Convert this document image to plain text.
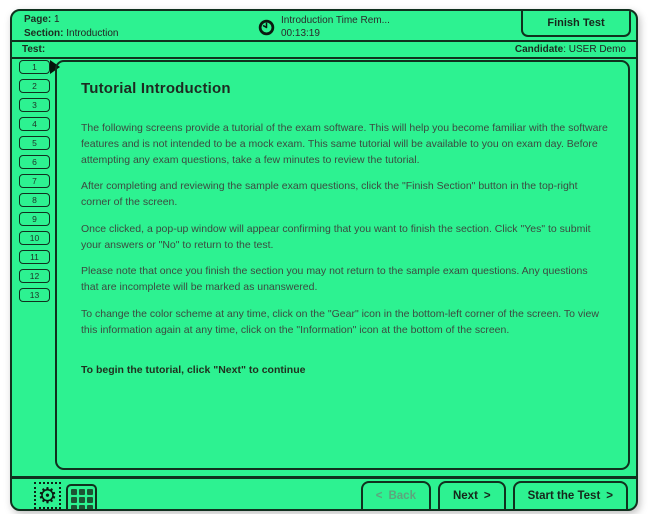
Page: 1
Section: Introduction
Introduction Time Rem...
00:13:19
Finish Test
Test:	Candidate: USER Demo
1
2
3
4
5
6
7
8
9
10
11
12
13
Tutorial Introduction

The following screens provide a tutorial of the exam software. This will help you become familiar with the software features and is not intended to be a mock exam. This same tutorial will be available to you on exam day. Before attempting any exam questions, take a few minutes to review the tutorial.

After completing and reviewing the sample exam questions, click the "Finish Section" button in the top-right corner of the screen.

Once clicked, a pop-up window will appear confirming that you want to finish the section. Click "Yes" to submit your answers or "No" to return to the test.

Please note that once you finish the section you may not return to the sample exam questions. Any questions that are incomplete will be marked as unanswered.

To change the color scheme at any time, click on the "Gear" icon in the bottom-left corner of the screen. To view this information again at any time, click on the "Information" icon at the bottom of the screen.

To begin the tutorial, click "Next" to continue

⚙	< Back	Next >	Start the Test >
